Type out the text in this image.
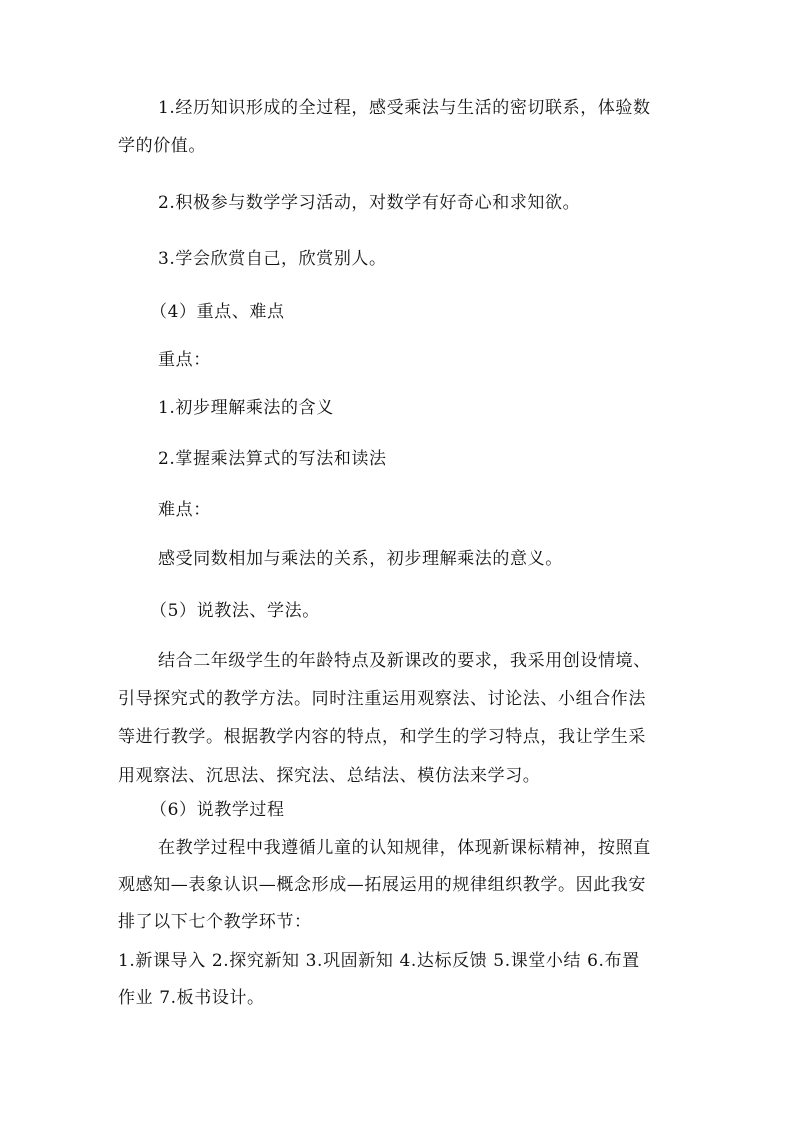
1.经历知识形成的全过程，感受乘法与生活的密切联系，体验数
学的价值。
2.积极参与数学学习活动，对数学有好奇心和求知欲。
3.学会欣赏自己，欣赏别人。
（4）重点、难点
重点：
1.初步理解乘法的含义
2.掌握乘法算式的写法和读法
难点：
感受同数相加与乘法的关系，初步理解乘法的意义。
（5）说教法、学法。
结合二年级学生的年龄特点及新课改的要求，我采用创设情境、
引导探究式的教学方法。同时注重运用观察法、讨论法、小组合作法
等进行教学。根据教学内容的特点，和学生的学习特点，我让学生采
用观察法、沉思法、探究法、总结法、模仿法来学习。
（6）说教学过程
在教学过程中我遵循儿童的认知规律，体现新课标精神，按照直
观感知—表象认识—概念形成—拓展运用的规律组织教学。因此我安
排了以下七个教学环节：
1.新课导入 2.探究新知 3.巩固新知 4.达标反馈 5.课堂小结 6.布置
作业 7.板书设计。
